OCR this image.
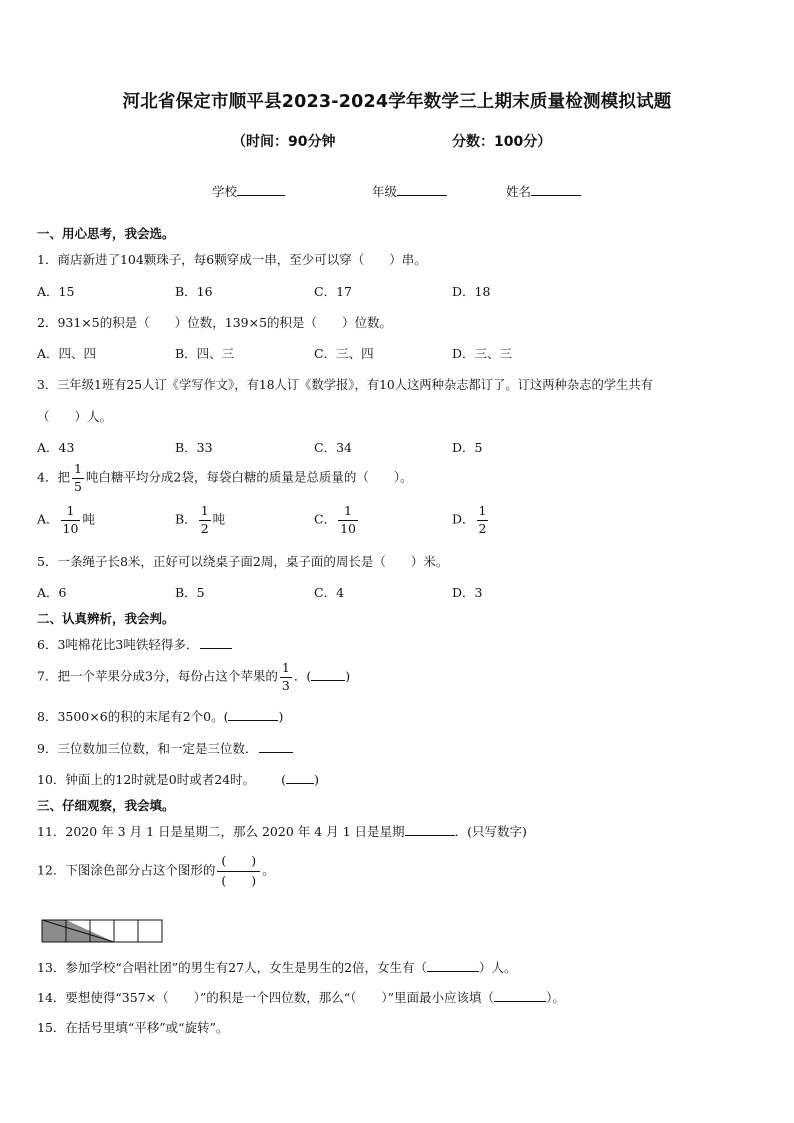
河北省保定市顺平县2023-2024学年数学三上期末质量检测模拟试题
（时间：90分钟	分数：100分）
学校	年级	姓名
一、用心思考，我会选。
1．商店新进了104颗珠子，每6颗穿成一串，至少可以穿（　　）串。
A．15	B．16	C．17	D．18
2．931×5的积是（　　）位数，139×5的积是（　　）位数。
A．四、四	B．四、三	C．三、四	D．三、三
3．三年级1班有25人订《学写作文》，有18人订《数学报》，有10人这两种杂志都订了。订这两种杂志的学生共有
（　　）人。
A．43	B．33	C．34	D．5
4．把 $\frac{1}{5}$ 吨白糖平均分成2袋，每袋白糖的质量是总质量的（　　）。
A． $\frac{1}{10}$ 吨	B． $\frac{1}{2}$ 吨	C． $\frac{1}{10}$	D． $\frac{1}{2}$
5．一条绳子长8米，正好可以绕桌子面2周，桌子面的周长是（　　）米。
A．6	B．5	C．4	D．3
二、认真辨析，我会判。
6．3吨棉花比3吨铁轻得多．
7．把一个苹果分成3分，每份占这个苹果的 $\frac{1}{3}$ ．(	)
8．3500×6的积的末尾有2个0。(	)
9．三位数加三位数，和一定是三位数．
10．钟面上的12时就是0时或者24时。 ( )
三、仔细观察，我会填。
11．2020 年 3 月 1 日是星期二，那么 2020 年 4 月 1 日是星期	．(只写数字)
12．下图涂色部分占这个图形的
(　　)
(　　)
。
13．参加学校“合唱社团”的男生有27人，女生是男生的2倍，女生有（	）人。
14．要想使得“357×（　　）”的积是一个四位数，那么“（　　）”里面最小应该填（	）。
15．在括号里填“平移”或“旋转”。
